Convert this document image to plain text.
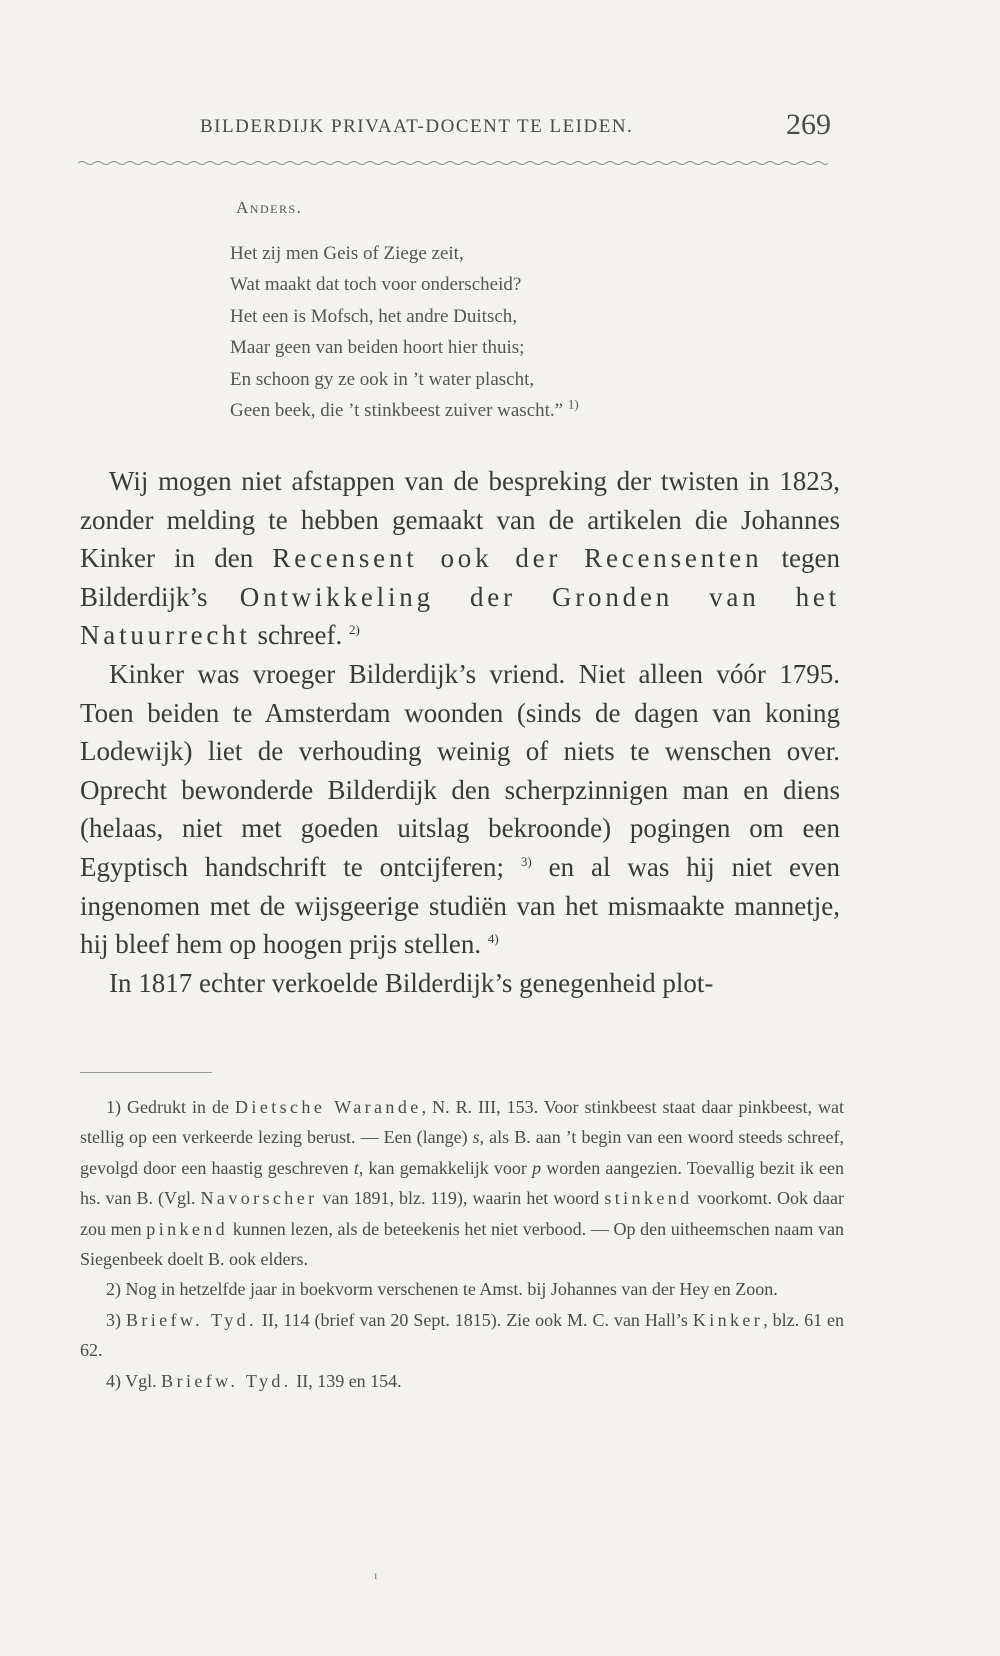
BILDERDIJK PRIVAAT-DOCENT TE LEIDEN.	269
Anders.
Het zij men Geis of Ziege zeit,
Wat maakt dat toch voor onderscheid?
Het een is Mofsch, het andre Duitsch,
Maar geen van beiden hoort hier thuis;
En schoon gy ze ook in ’t water plascht,
Geen beek, die ’t stinkbeest zuiver wascht.” $^{1)}$

Wij mogen niet afstappen van de bespreking der twisten in 1823, zonder melding te hebben gemaakt van de artikelen die Johannes Kinker in den Recensent ook der Recensenten tegen Bilderdijk’s Ontwikkeling der Gronden van het Natuurrecht schreef. $^{2)}$

Kinker was vroeger Bilderdijk’s vriend. Niet alleen vóór 1795. Toen beiden te Amsterdam woonden (sinds de dagen van koning Lodewijk) liet de verhouding weinig of niets te wenschen over. Oprecht bewonderde Bilderdijk den scherpzinnigen man en diens (helaas, niet met goeden uitslag bekroonde) pogingen om een Egyptisch handschrift te ontcijferen; $^{3)}$ en al was hij niet even ingenomen met de wijsgeerige studiën van het mismaakte mannetje, hij bleef hem op hoogen prijs stellen. $^{4)}$

In 1817 echter verkoelde Bilderdijk’s genegenheid plot-

1) Gedrukt in de Dietsche Warande, N. R. III, 153. Voor stinkbeest staat daar pinkbeest, wat stellig op een verkeerde lezing berust. — Een (lange) s, als B. aan ’t begin van een woord steeds schreef, gevolgd door een haastig geschreven t, kan gemakkelijk voor p worden aangezien. Toevallig bezit ik een hs. van B. (Vgl. Navorscher van 1891, blz. 119), waarin het woord stinkend voorkomt. Ook daar zou men pinkend kunnen lezen, als de beteekenis het niet verbood. — Op den uitheemschen naam van Siegenbeek doelt B. ook elders.

2) Nog in hetzelfde jaar in boekvorm verschenen te Amst. bij Johannes van der Hey en Zoon.

3) Briefw. Tyd. II, 114 (brief van 20 Sept. 1815). Zie ook M. C. van Hall’s Kinker, blz. 61 en 62.

4) Vgl. Briefw. Tyd. II, 139 en 154.

ı
